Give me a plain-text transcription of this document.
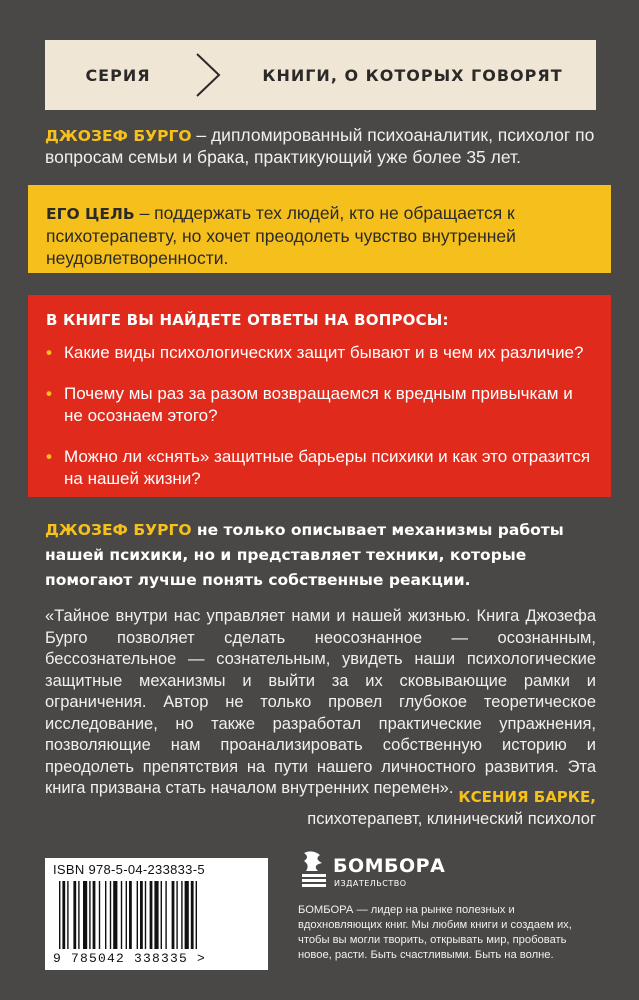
СЕРИЯ	КНИГИ, О КОТОРЫХ ГОВОРЯТ
ДЖОЗЕФ БУРГО – дипломированный психоаналитик, психолог по вопросам семьи и брака, практикующий уже более 35 лет.
ЕГО ЦЕЛЬ – поддержать тех людей, кто не обращается к психотерапевту, но хочет преодолеть чувство внутренней неудовлетворенности.
В КНИГЕ ВЫ НАЙДЕТЕ ОТВЕТЫ НА ВОПРОСЫ:
• Какие виды психологических защит бывают и в чем их различие?
• Почему мы раз за разом возвращаемся к вредным привычкам и не осознаем этого?
• Можно ли «снять» защитные барьеры психики и как это отразится на нашей жизни?
ДЖОЗЕФ БУРГО не только описывает механизмы работы нашей психики, но и представляет техники, которые помогают лучше понять собственные реакции.
«Тайное внутри нас управляет нами и нашей жизнью. Книга Джозефа Бурго позволяет сделать неосознанное — осознанным, бессознательное — сознательным, увидеть наши психологические защитные механизмы и выйти за их сковывающие рамки и ограничения. Автор не только провел глубокое теоретическое исследование, но также разработал практические упражнения, позволяющие нам проанализировать собственную историю и преодолеть препятствия на пути нашего личностного развития. Эта книга призвана стать началом внутренних перемен». КСЕНИЯ БАРКЕ,
психотерапевт, клинический психолог
ISBN 978-5-04-233833-5
9 785042 338335 >
БОМБОРА
ИЗДАТЕЛЬСТВО
БОМБОРА — лидер на рынке полезных и вдохновляющих книг. Мы любим книги и создаем их, чтобы вы могли творить, открывать мир, пробовать новое, расти. Быть счастливыми. Быть на волне.
